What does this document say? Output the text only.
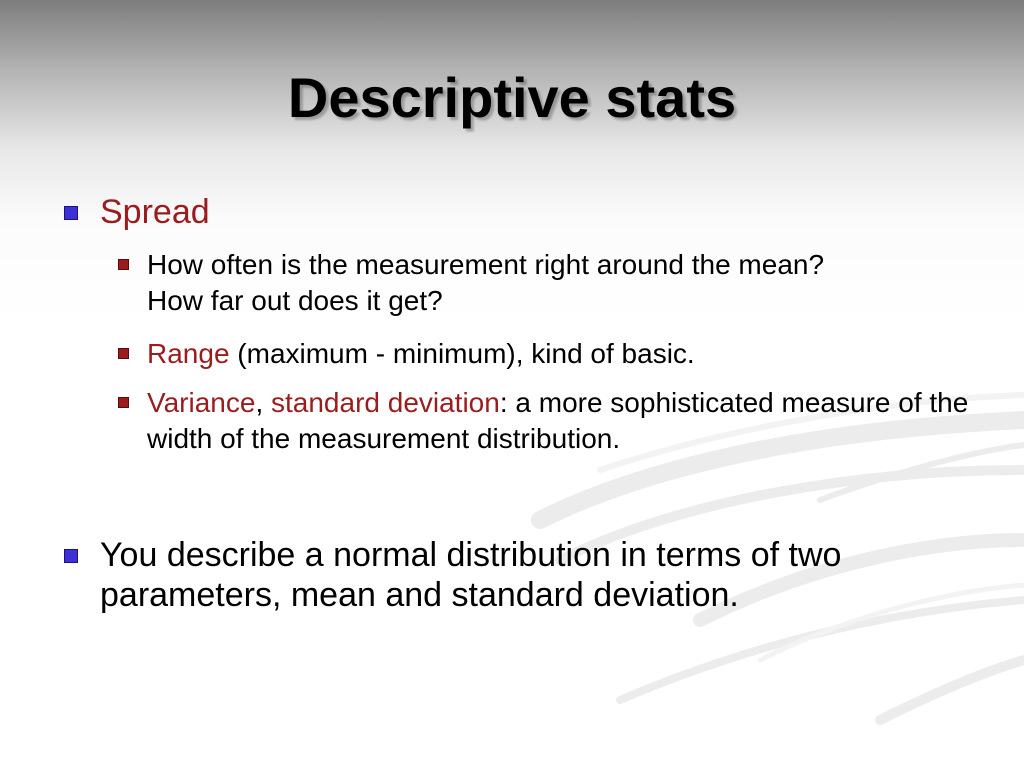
Descriptive stats
Spread
How often is the measurement right around the mean? How far out does it get?
Range (maximum - minimum), kind of basic.
Variance, standard deviation: a more sophisticated measure of the width of the measurement distribution.
You describe a normal distribution in terms of two parameters, mean and standard deviation.
